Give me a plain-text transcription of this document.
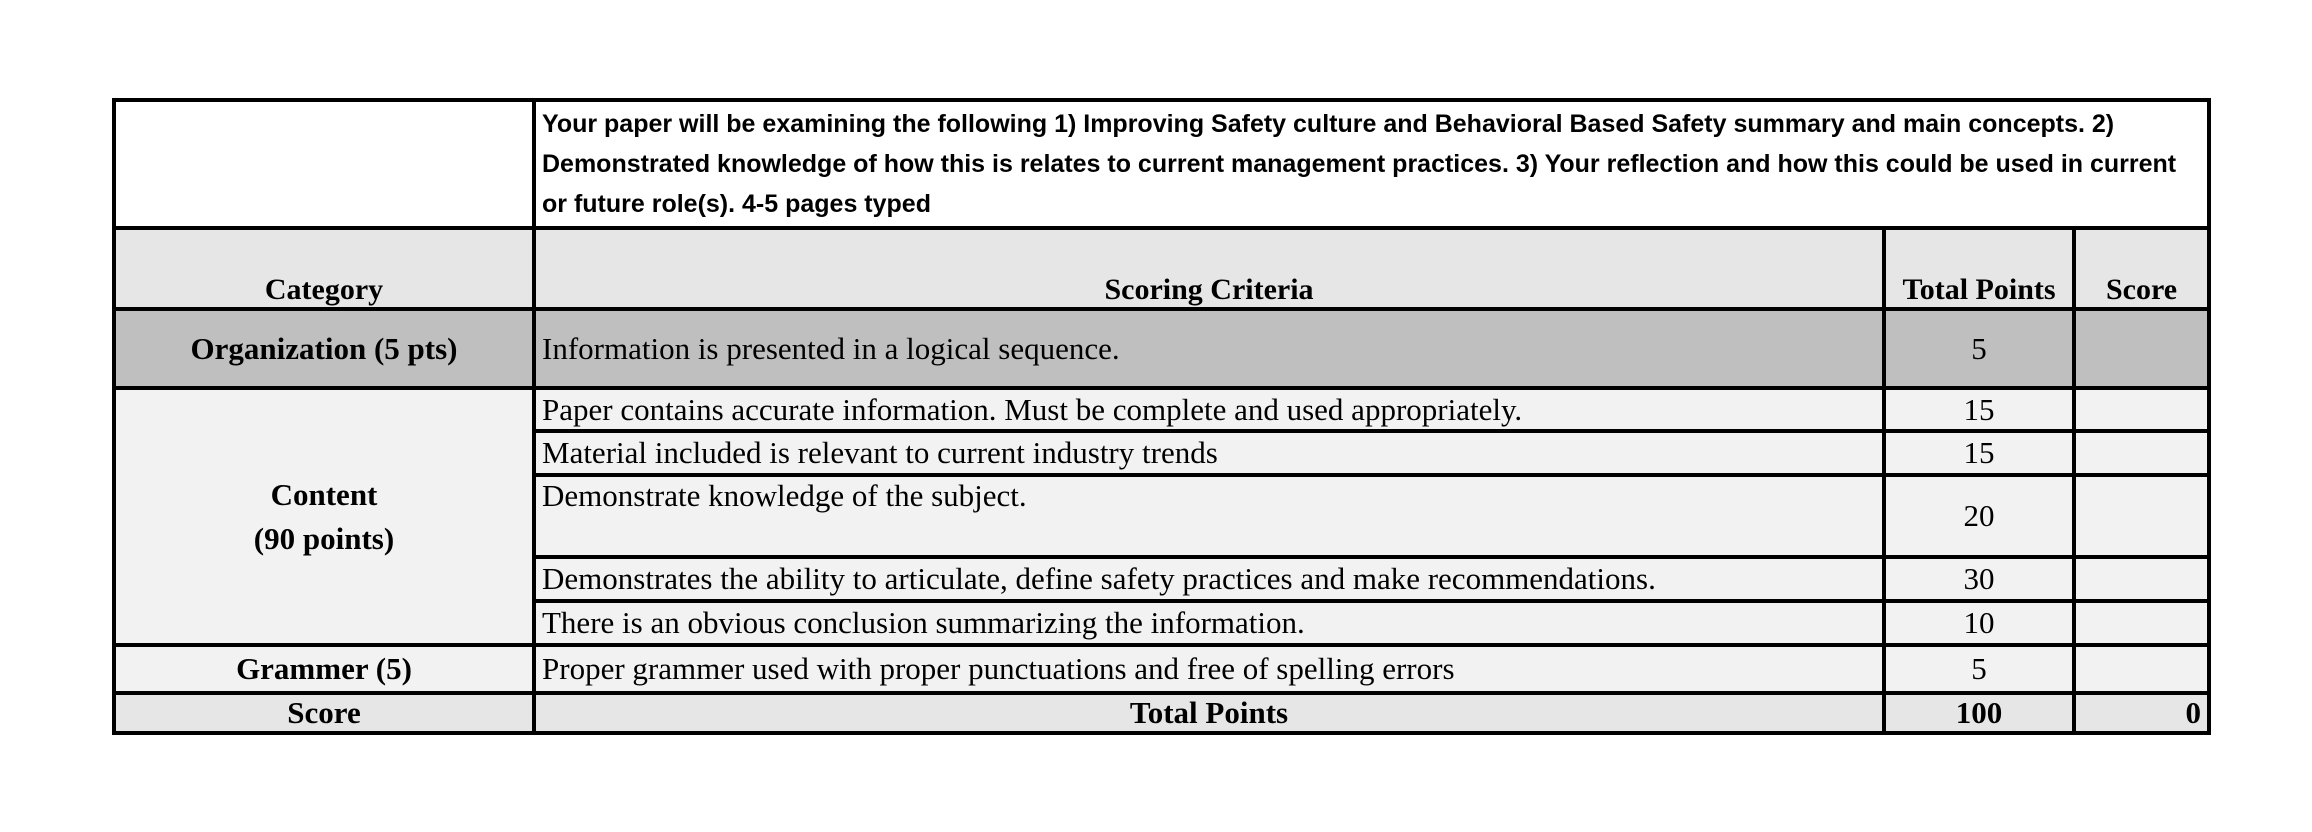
	Your paper will be examining the following 1) Improving Safety culture and Behavioral Based Safety summary and main concepts. 2) Demonstrated knowledge of how this is relates to current management practices. 3) Your reflection and how this could be used in current or future role(s). 4-5 pages typed		
Category	Scoring Criteria	Total Points	Score
Organization (5 pts)	Information is presented in a logical sequence.	5	

Content
(90 points)	Paper contains accurate information. Must be complete and used appropriately.	15	
	Material included is relevant to current industry trends	15	
	Demonstrate knowledge of the subject.	20	
	Demonstrates the ability to articulate, define safety practices and make recommendations.	30	
	There is an obvious conclusion summarizing the information.	10	
Grammer (5)	Proper grammer used with proper punctuations and free of spelling errors	5	
Score	Total Points	100	0
